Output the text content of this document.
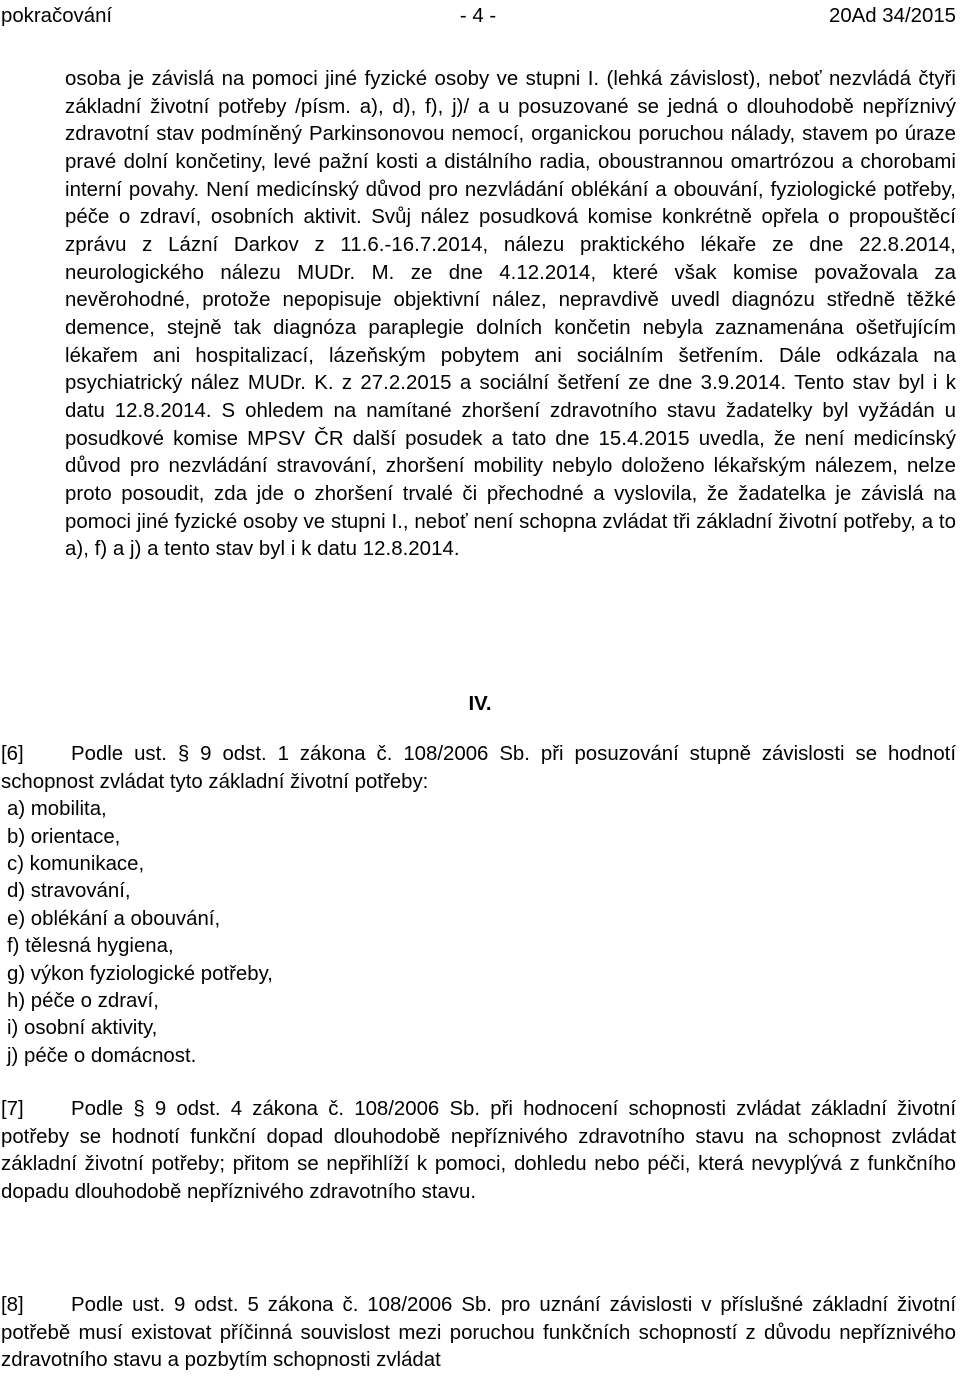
pokračování	- 4 -	20Ad 34/2015
osoba je závislá na pomoci jiné fyzické osoby ve stupni I. (lehká závislost), neboť nezvládá čtyři základní životní potřeby /písm. a), d), f), j)/ a u posuzované se jedná o dlouhodobě nepříznivý zdravotní stav podmíněný Parkinsonovou nemocí, organickou poruchou nálady, stavem po úraze pravé dolní končetiny, levé pažní kosti a distálního radia, oboustrannou omartrózou a chorobami interní povahy. Není medicínský důvod pro nezvládání oblékání a obouvání, fyziologické potřeby, péče o zdraví, osobních aktivit. Svůj nález posudková komise konkrétně opřela o propouštěcí zprávu z Lázní Darkov z 11.6.-16.7.2014, nálezu praktického lékaře ze dne 22.8.2014, neurologického nálezu MUDr. M. ze dne 4.12.2014, které však komise považovala za nevěrohodné, protože nepopisuje objektivní nález, nepravdivě uvedl diagnózu středně těžké demence, stejně tak diagnóza paraplegie dolních končetin nebyla zaznamenána ošetřujícím lékařem ani hospitalizací, lázeňským pobytem ani sociálním šetřením. Dále odkázala na psychiatrický nález MUDr. K. z 27.2.2015 a sociální šetření ze dne 3.9.2014. Tento stav byl i k datu 12.8.2014. S ohledem na namítané zhoršení zdravotního stavu žadatelky byl vyžádán u posudkové komise MPSV ČR další posudek a tato dne 15.4.2015 uvedla, že není medicínský důvod pro nezvládání stravování, zhoršení mobility nebylo doloženo lékařským nálezem, nelze proto posoudit, zda jde o zhoršení trvalé či přechodné a vyslovila, že žadatelka je závislá na pomoci jiné fyzické osoby ve stupni I., neboť není schopna zvládat tři základní životní potřeby, a to a), f) a j) a tento stav byl i k datu 12.8.2014.
IV.
[6] Podle ust. § 9 odst. 1 zákona č. 108/2006 Sb. při posuzování stupně závislosti se hodnotí schopnost zvládat tyto základní životní potřeby:
a) mobilita,
b) orientace,
c) komunikace,
d) stravování,
e) oblékání a obouvání,
f) tělesná hygiena,
g) výkon fyziologické potřeby,
h) péče o zdraví,
i) osobní aktivity,
j) péče o domácnost.
[7] Podle § 9 odst. 4 zákona č. 108/2006 Sb. při hodnocení schopnosti zvládat základní životní potřeby se hodnotí funkční dopad dlouhodobě nepříznivého zdravotního stavu na schopnost zvládat základní životní potřeby; přitom se nepřihlíží k pomoci, dohledu nebo péči, která nevyplývá z funkčního dopadu dlouhodobě nepříznivého zdravotního stavu.
[8] Podle ust. 9 odst. 5 zákona č. 108/2006 Sb. pro uznání závislosti v příslušné základní životní potřebě musí existovat příčinná souvislost mezi poruchou funkčních schopností z důvodu nepříznivého zdravotního stavu a pozbytím schopnosti zvládat
